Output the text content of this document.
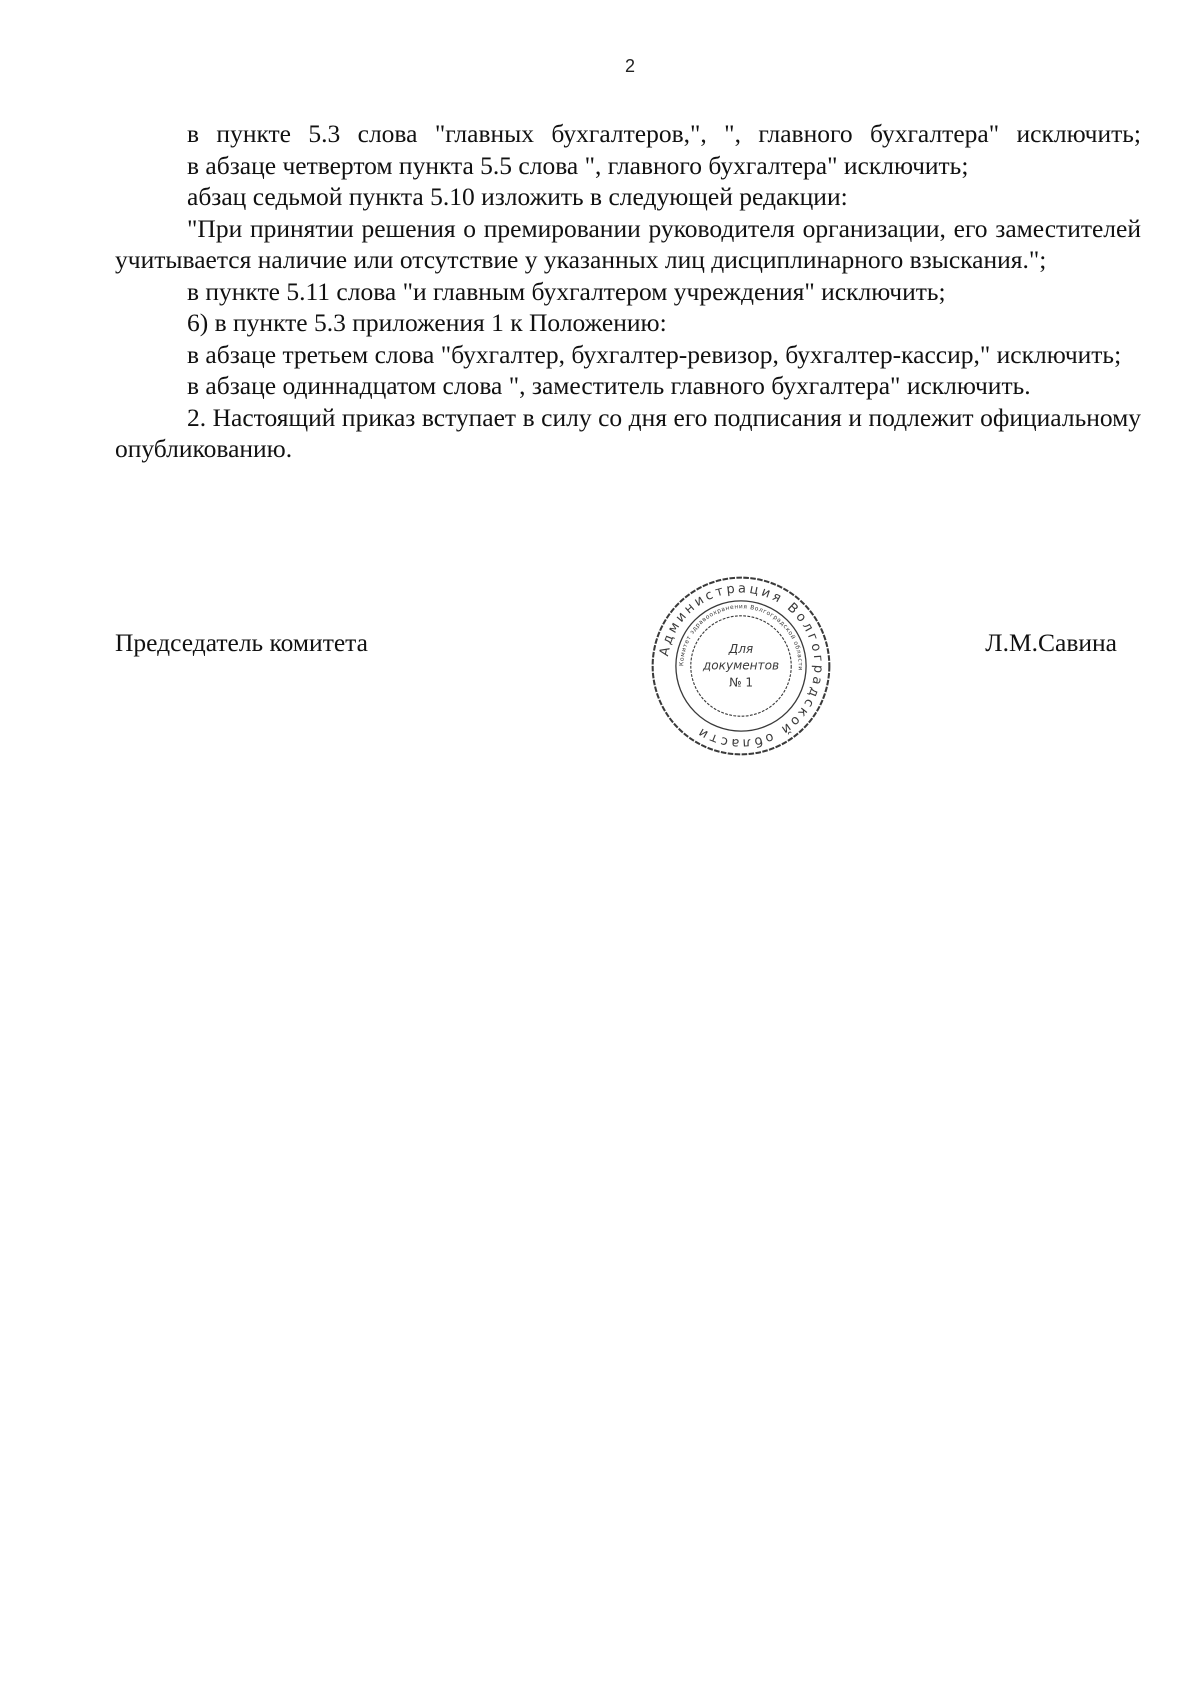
2

в пункте 5.3 слова "главных бухгалтеров,", ", главного бухгалтера" исключить;

в абзаце четвертом пункта 5.5 слова ", главного бухгалтера" исключить;

абзац седьмой пункта 5.10 изложить в следующей редакции:

"При принятии решения о премировании руководителя организации, его заместителей учитывается наличие или отсутствие у указанных лиц дисциплинарного взыскания.";

в пункте 5.11 слова "и главным бухгалтером учреждения" исключить;

6) в пункте 5.3 приложения 1 к Положению:

в абзаце третьем слова "бухгалтер, бухгалтер-ревизор, бухгалтер-кассир," исключить;

в абзаце одиннадцатом слова ", заместитель главного бухгалтера" исключить.

2. Настоящий приказ вступает в силу со дня его подписания и подлежит официальному опубликованию.

Председатель комитета	Л.М.Савина
Администрация Волгоградской области
Комитет здравоохранения Волгоградской области
Для
документов
№ 1
